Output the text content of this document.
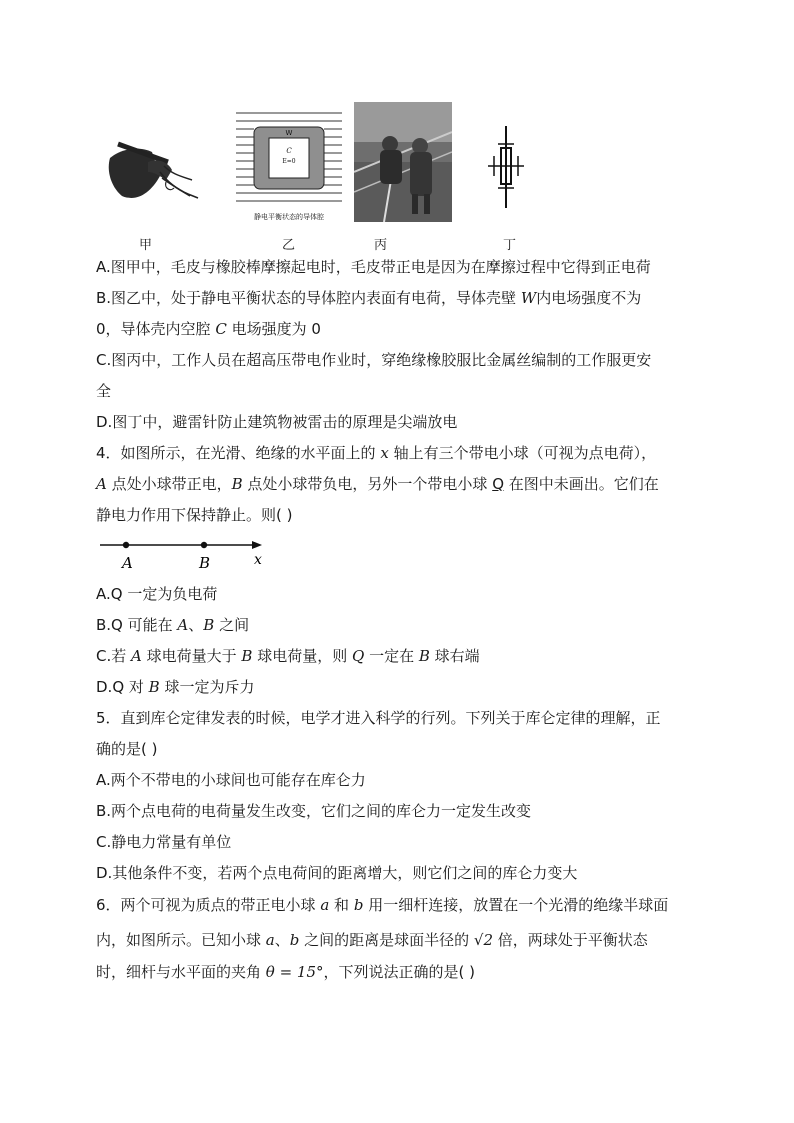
W
C
E=0
静电平衡状态的导体腔
甲	乙	丙	丁
A.图甲中，毛皮与橡胶棒摩擦起电时，毛皮带正电是因为在摩擦过程中它得到正电荷
B.图乙中，处于静电平衡状态的导体腔内表面有电荷，导体壳壁 W内电场强度不为
0，导体壳内空腔 C 电场强度为 0
C.图丙中，工作人员在超高压带电作业时，穿绝缘橡胶服比金属丝编制的工作服更安
全
D.图丁中，避雷针防止建筑物被雷击的原理是尖端放电
4．如图所示，在光滑、绝缘的水平面上的 x 轴上有三个带电小球（可视为点电荷），
A 点处小球带正电，B 点处小球带负电，另外一个带电小球 Q 在图中未画出。它们在
静电力作用下保持静止。则( )
A	B	x
A.Q 一定为负电荷
B.Q 可能在 A、B 之间
C.若 A 球电荷量大于 B 球电荷量，则 Q 一定在 B 球右端
D.Q 对 B 球一定为斥力
5．直到库仑定律发表的时候，电学才进入科学的行列。下列关于库仑定律的理解，正
确的是( )
A.两个不带电的小球间也可能存在库仑力
B.两个点电荷的电荷量发生改变，它们之间的库仑力一定发生改变
C.静电力常量有单位
D.其他条件不变，若两个点电荷间的距离增大，则它们之间的库仑力变大
6．两个可视为质点的带正电小球 a 和 b 用一细杆连接，放置在一个光滑的绝缘半球面
内，如图所示。已知小球 a、b 之间的距离是球面半径的 √2 倍，两球处于平衡状态
时，细杆与水平面的夹角 θ = 15°，下列说法正确的是( )
